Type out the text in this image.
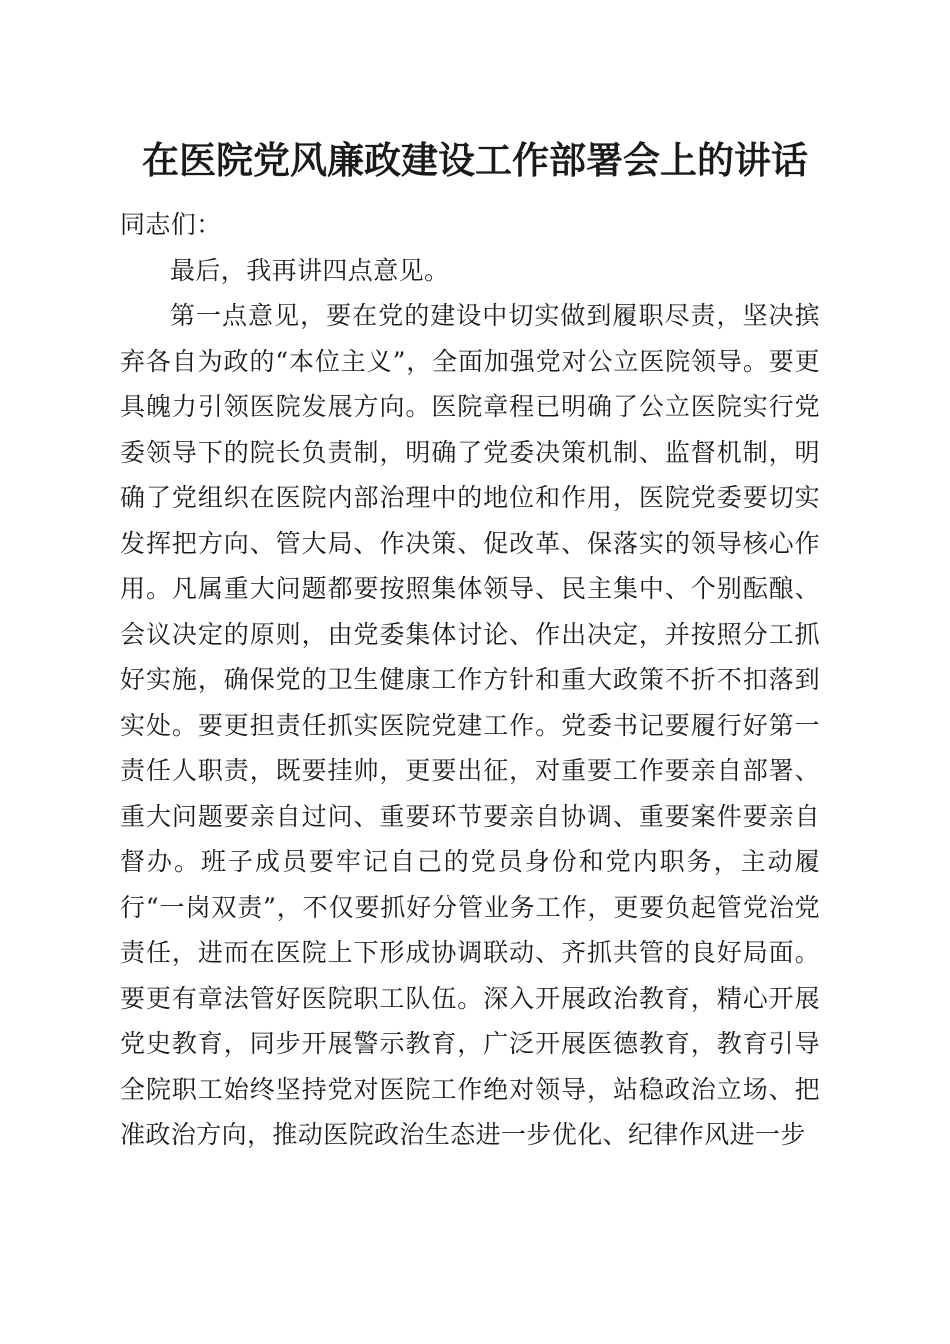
在医院党风廉政建设工作部署会上的讲话

同志们：

最后，我再讲四点意见。

第一点意见，要在党的建设中切实做到履职尽责，坚决摈弃各自为政的“本位主义”，全面加强党对公立医院领导。要更具魄力引领医院发展方向。医院章程已明确了公立医院实行党委领导下的院长负责制，明确了党委决策机制、监督机制，明确了党组织在医院内部治理中的地位和作用，医院党委要切实发挥把方向、管大局、作决策、促改革、保落实的领导核心作用。凡属重大问题都要按照集体领导、民主集中、个别酝酿、会议决定的原则，由党委集体讨论、作出决定，并按照分工抓好实施，确保党的卫生健康工作方针和重大政策不折不扣落到实处。要更担责任抓实医院党建工作。党委书记要履行好第一责任人职责，既要挂帅，更要出征，对重要工作要亲自部署、重大问题要亲自过问、重要环节要亲自协调、重要案件要亲自督办。班子成员要牢记自己的党员身份和党内职务，主动履行“一岗双责”，不仅要抓好分管业务工作，更要负起管党治党责任，进而在医院上下形成协调联动、齐抓共管的良好局面。要更有章法管好医院职工队伍。深入开展政治教育，精心开展党史教育，同步开展警示教育，广泛开展医德教育，教育引导全院职工始终坚持党对医院工作绝对领导，站稳政治立场、把准政治方向，推动医院政治生态进一步优化、纪律作风进一步
